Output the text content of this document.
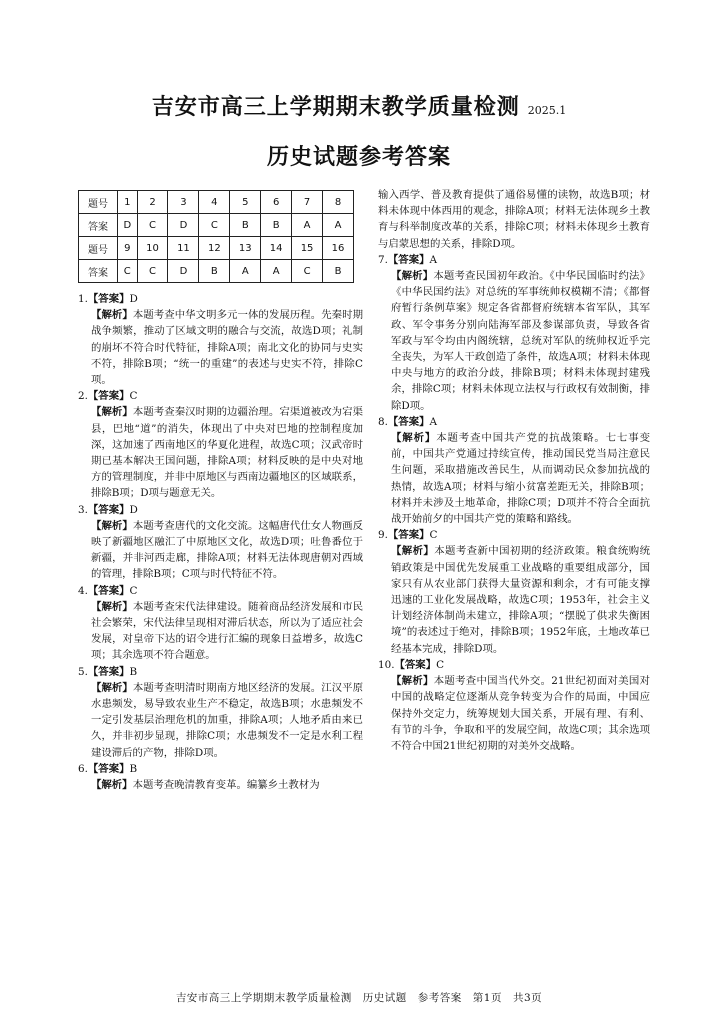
吉安市高三上学期期末教学质量检测 2025.1
历史试题参考答案
题号	1	2	3	4	5	6	7	8
答案	D	C	D	C	B	B	A	A
题号	9	10	11	12	13	14	15	16
答案	C	C	D	B	A	A	C	B
1.【答案】D
【解析】本题考查中华文明多元一体的发展历程。先秦时期战争频繁，推动了区域文明的融合与交流，故选D项；礼制的崩坏不符合时代特征，排除A项；南北文化的协同与史实不符，排除B项；“统一的重建”的表述与史实不符，排除C项。
2.【答案】C
【解析】本题考查秦汉时期的边疆治理。宕渠道被改为宕渠县，巴地“道”的消失，体现出了中央对巴地的控制程度加深，这加速了西南地区的华夏化进程，故选C项；汉武帝时期已基本解决王国问题，排除A项；材料反映的是中央对地方的管理制度，并非中原地区与西南边疆地区的区域联系，排除B项；D项与题意无关。
3.【答案】D
【解析】本题考查唐代的文化交流。这幅唐代仕女人物画反映了新疆地区融汇了中原地区文化，故选D项；吐鲁番位于新疆，并非河西走廊，排除A项；材料无法体现唐朝对西域的管理，排除B项；C项与时代特征不符。
4.【答案】C
【解析】本题考查宋代法律建设。随着商品经济发展和市民社会繁荣，宋代法律呈现相对滞后状态，所以为了适应社会发展，对皇帝下达的诏令进行汇编的现象日益增多，故选C项；其余选项不符合题意。
5.【答案】B
【解析】本题考查明清时期南方地区经济的发展。江汉平原水患频发，易导致农业生产不稳定，故选B项；水患频发不一定引发基层治理危机的加重，排除A项；人地矛盾由来已久，并非初步显现，排除C项；水患频发不一定是水利工程建设滞后的产物，排除D项。
6.【答案】B
【解析】本题考查晚清教育变革。编纂乡土教材为
输入西学、普及教育提供了通俗易懂的读物，故选B项；材料未体现中体西用的观念，排除A项；材料无法体现乡土教育与科举制度改革的关系，排除C项；材料未体现乡土教育与启蒙思想的关系，排除D项。
7.【答案】A
【解析】本题考查民国初年政治。《中华民国临时约法》《中华民国约法》对总统的军事统帅权模糊不清；《都督府暂行条例草案》规定各省都督府统辖本省军队，其军政、军令事务分别向陆海军部及参谋部负责，导致各省军政与军令均由内阁统辖，总统对军队的统帅权近乎完全丧失，为军人干政创造了条件，故选A项；材料未体现中央与地方的政治分歧，排除B项；材料未体现封建残余，排除C项；材料未体现立法权与行政权有效制衡，排除D项。
8.【答案】A
【解析】本题考查中国共产党的抗战策略。七七事变前，中国共产党通过持续宣传，推动国民党当局注意民生问题，采取措施改善民生，从而调动民众参加抗战的热情，故选A项；材料与缩小贫富差距无关，排除B项；材料并未涉及土地革命，排除C项；D项并不符合全面抗战开始前夕的中国共产党的策略和路线。
9.【答案】C
【解析】本题考查新中国初期的经济政策。粮食统购统销政策是中国优先发展重工业战略的重要组成部分，国家只有从农业部门获得大量资源和剩余，才有可能支撑迅速的工业化发展战略，故选C项；1953年，社会主义计划经济体制尚未建立，排除A项；“摆脱了供求失衡困境”的表述过于绝对，排除B项；1952年底，土地改革已经基本完成，排除D项。
10.【答案】C
【解析】本题考查中国当代外交。21世纪初面对美国对中国的战略定位逐渐从竞争转变为合作的局面，中国应保持外交定力，统筹规划大国关系，开展有理、有利、有节的斗争，争取和平的发展空间，故选C项；其余选项不符合中国21世纪初期的对美外交战略。
吉安市高三上学期期末教学质量检测　历史试题　参考答案　第1页　共3页
